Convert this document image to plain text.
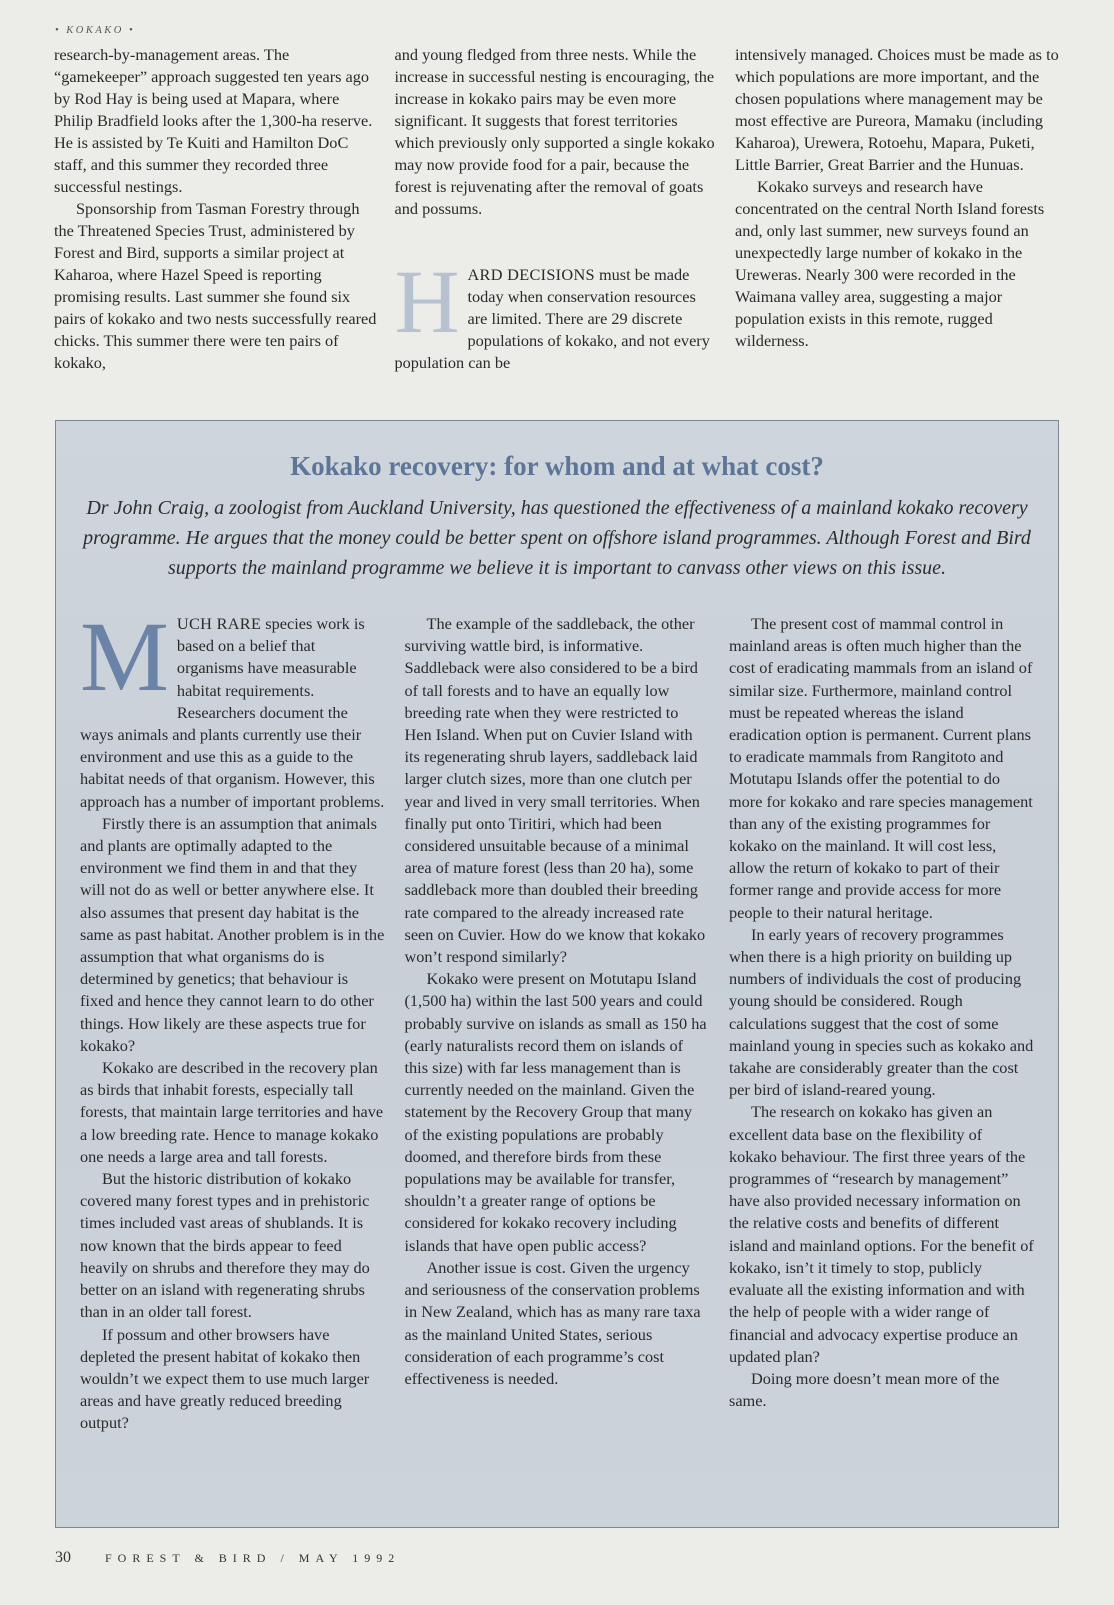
• KOKAKO •

research-by-management areas. The “gamekeeper” approach suggested ten years ago by Rod Hay is being used at Mapara, where Philip Bradfield looks after the 1,300-ha reserve. He is assisted by Te Kuiti and Hamilton DoC staff, and this summer they recorded three successful nestings.

Sponsorship from Tasman Forestry through the Threatened Species Trust, administered by Forest and Bird, supports a similar project at Kaharoa, where Hazel Speed is reporting promising results. Last summer she found six pairs of kokako and two nests successfully reared chicks. This summer there were ten pairs of kokako,

and young fledged from three nests. While the increase in successful nesting is encouraging, the increase in kokako pairs may be even more significant. It suggests that forest territories which previously only supported a single kokako may now provide food for a pair, because the forest is rejuvenating after the removal of goats and possums.

HARD DECISIONS must be made today when conservation resources are limited. There are 29 discrete populations of kokako, and not every population can be

intensively managed. Choices must be made as to which populations are more important, and the chosen populations where management may be most effective are Pureora, Mamaku (including Kaharoa), Urewera, Rotoehu, Mapara, Puketi, Little Barrier, Great Barrier and the Hunuas.

Kokako surveys and research have concentrated on the central North Island forests and, only last summer, new surveys found an unexpectedly large number of kokako in the Ureweras. Nearly 300 were recorded in the Waimana valley area, suggesting a major population exists in this remote, rugged wilderness.

Kokako recovery: for whom and at what cost?
Dr John Craig, a zoologist from Auckland University, has questioned the effectiveness of a mainland kokako recovery programme. He argues that the money could be better spent on offshore island programmes. Although Forest and Bird supports the mainland programme we believe it is important to canvass other views on this issue.

MUCH RARE species work is based on a belief that organisms have measurable habitat requirements. Researchers document the ways animals and plants currently use their environment and use this as a guide to the habitat needs of that organism. However, this approach has a number of important problems.

Firstly there is an assumption that animals and plants are optimally adapted to the environment we find them in and that they will not do as well or better anywhere else. It also assumes that present day habitat is the same as past habitat. Another problem is in the assumption that what organisms do is determined by genetics; that behaviour is fixed and hence they cannot learn to do other things. How likely are these aspects true for kokako?

Kokako are described in the recovery plan as birds that inhabit forests, especially tall forests, that maintain large territories and have a low breeding rate. Hence to manage kokako one needs a large area and tall forests.

But the historic distribution of kokako covered many forest types and in prehistoric times included vast areas of shublands. It is now known that the birds appear to feed heavily on shrubs and therefore they may do better on an island with regenerating shrubs than in an older tall forest.

If possum and other browsers have depleted the present habitat of kokako then wouldn’t we expect them to use much larger areas and have greatly reduced breeding output?

The example of the saddleback, the other surviving wattle bird, is informative. Saddleback were also considered to be a bird of tall forests and to have an equally low breeding rate when they were restricted to Hen Island. When put on Cuvier Island with its regenerating shrub layers, saddleback laid larger clutch sizes, more than one clutch per year and lived in very small territories. When finally put onto Tiritiri, which had been considered unsuitable because of a minimal area of mature forest (less than 20 ha), some saddleback more than doubled their breeding rate compared to the already increased rate seen on Cuvier. How do we know that kokako won’t respond similarly?

Kokako were present on Motutapu Island (1,500 ha) within the last 500 years and could probably survive on islands as small as 150 ha (early naturalists record them on islands of this size) with far less management than is currently needed on the mainland. Given the statement by the Recovery Group that many of the existing populations are probably doomed, and therefore birds from these populations may be available for transfer, shouldn’t a greater range of options be considered for kokako recovery including islands that have open public access?

Another issue is cost. Given the urgency and seriousness of the conservation problems in New Zealand, which has as many rare taxa as the mainland United States, serious consideration of each programme’s cost effectiveness is needed.

The present cost of mammal control in mainland areas is often much higher than the cost of eradicating mammals from an island of similar size. Furthermore, mainland control must be repeated whereas the island eradication option is permanent. Current plans to eradicate mammals from Rangitoto and Motutapu Islands offer the potential to do more for kokako and rare species management than any of the existing programmes for kokako on the mainland. It will cost less, allow the return of kokako to part of their former range and provide access for more people to their natural heritage.

In early years of recovery programmes when there is a high priority on building up numbers of individuals the cost of producing young should be considered. Rough calculations suggest that the cost of some mainland young in species such as kokako and takahe are considerably greater than the cost per bird of island-reared young.

The research on kokako has given an excellent data base on the flexibility of kokako behaviour. The first three years of the programmes of “research by management” have also provided necessary information on the relative costs and benefits of different island and mainland options. For the benefit of kokako, isn’t it timely to stop, publicly evaluate all the existing information and with the help of people with a wider range of financial and advocacy expertise produce an updated plan?

Doing more doesn’t mean more of the same.

30	FOREST & BIRD / MAY 1992
